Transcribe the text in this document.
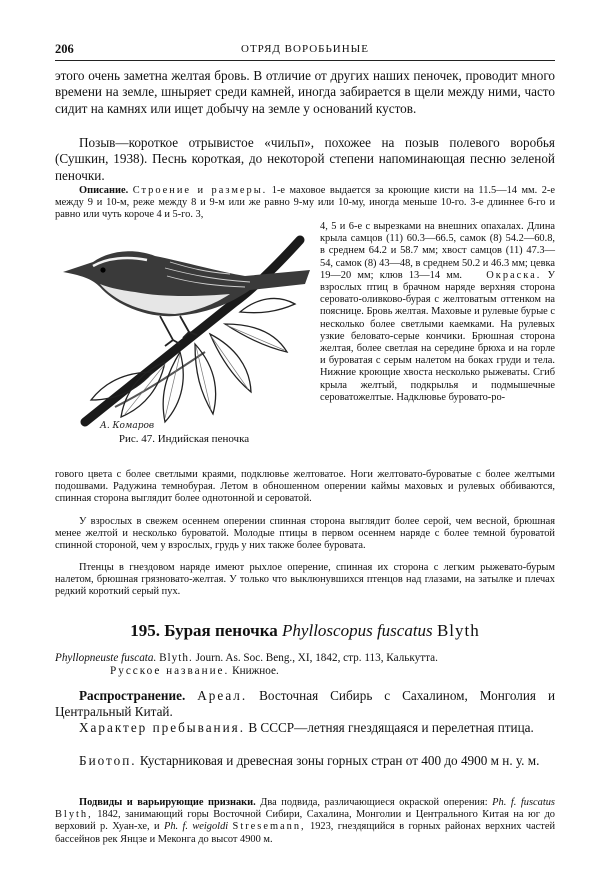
206	ОТРЯД ВОРОБЬИНЫЕ
этого очень заметна желтая бровь. В отличие от других наших пеночек, проводит много времени на земле, шныряет среди камней, иногда забирается в щели между ними, часто сидит на камнях или ищет добычу на земле у оснований кустов.
Позыв—короткое отрывистое «чильп», похожее на позыв полевого воробья (Сушкин, 1938). Песнь короткая, до некоторой степени напоминающая песню зеленой пеночки.
Описание. Строение и размеры. 1-е маховое выдается за кроющие кисти на 11.5—14 мм. 2-е между 9 и 10-м, реже между 8 и 9-м или же равно 9-му или 10-му, иногда меньше 10-го. 3-е длиннее 6-го и равно или чуть короче 4 и 5-го. 3,
А. Комаров
Рис. 47. Индийская пеночка
4, 5 и 6-е с вырезками на внешних опахалах. Длина крыла самцов (11) 60.3—66.5, самок (8) 54.2—60.8, в среднем 64.2 и 58.7 мм; хвост самцов (11) 47.3—54, самок (8) 43—48, в среднем 50.2 и 46.3 мм; цевка 19—20 мм; клюв 13—14 мм. Окраска. У взрослых птиц в брачном наряде верхняя сторона серовато-оливково-бурая с желтоватым оттенком на пояснице. Бровь желтая. Маховые и рулевые бурые с несколько более светлыми каемками. На рулевых узкие беловато-серые кончики. Брюшная сторона желтая, более светлая на середине брюха и на горле и буроватая с серым налетом на боках груди и тела. Нижние кроющие хвоста несколько рыжеваты. Сгиб крыла желтый, подкрылья и подмышечные сероватожелтые. Надклювье буровато-ро-
гового цвета с более светлыми краями, подклювье желтоватое. Ноги желтовато-буроватые с более желтыми подошвами. Радужина темнобурая. Летом в обношенном оперении каймы маховых и рулевых оббиваются, спинная сторона выглядит более однотонной и сероватой.
У взрослых в свежем осеннем оперении спинная сторона выглядит более серой, чем весной, брюшная менее желтой и несколько буроватой. Молодые птицы в первом осеннем наряде с более темной буроватой спинной стороной, чем у взрослых, грудь у них также более буровата.
Птенцы в гнездовом наряде имеют рыхлое оперение, спинная их сторона с легким рыжевато-бурым налетом, брюшная грязновато-желтая. У только что выклюнувшихся птенцов над глазами, на затылке и плечах редкий короткий серый пух.
195. Бурая пеночка Phylloscopus fuscatus Blyth
Phyllopneuste fuscata. Blyth. Journ. As. Soc. Beng., XI, 1842, стр. 113, Калькутта.
Русское название. Книжное.
Распространение. Ареал. Восточная Сибирь с Сахалином, Монголия и Центральный Китай.
Характер пребывания. В СССР—летняя гнездящаяся и перелетная птица.
Биотоп. Кустарниковая и древесная зоны горных стран от 400 до 4900 м н. у. м.
Подвиды и варьирующие признаки. Два подвида, различающиеся окраской оперения: Ph. f. fuscatus Blyth, 1842, занимающий горы Восточной Сибири, Сахалина, Монголии и Центрального Китая на юг до верховий р. Хуан-хе, и Ph. f. weigoldi Stresemann, 1923, гнездящийся в горных районах верхних частей бассейнов рек Янцзе и Меконга до высот 4900 м.
